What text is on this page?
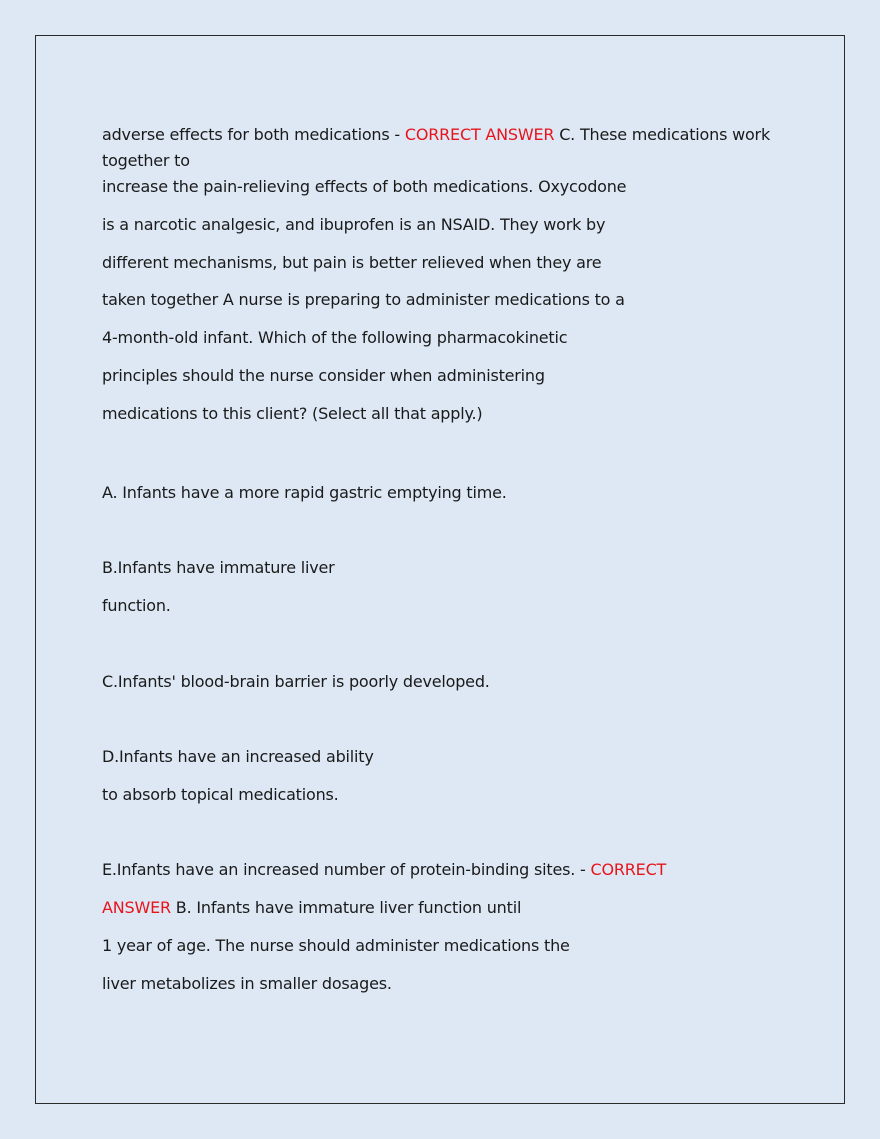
adverse effects for both medications - CORRECT ANSWER C. These medications work
together to
increase the pain-relieving effects of both medications. Oxycodone
is a narcotic analgesic, and ibuprofen is an NSAID. They work by
different mechanisms, but pain is better relieved when they are
taken together A nurse is preparing to administer medications to a
4-month-old infant. Which of the following pharmacokinetic
principles should the nurse consider when administering
medications to this client? (Select all that apply.)
A. Infants have a more rapid gastric emptying time.
B.Infants have immature liver
function.
C.Infants' blood-brain barrier is poorly developed.
D.Infants have an increased ability
to absorb topical medications.
E.Infants have an increased number of protein-binding sites. - CORRECT
ANSWER B. Infants have immature liver function until
1 year of age. The nurse should administer medications the
liver metabolizes in smaller dosages.
